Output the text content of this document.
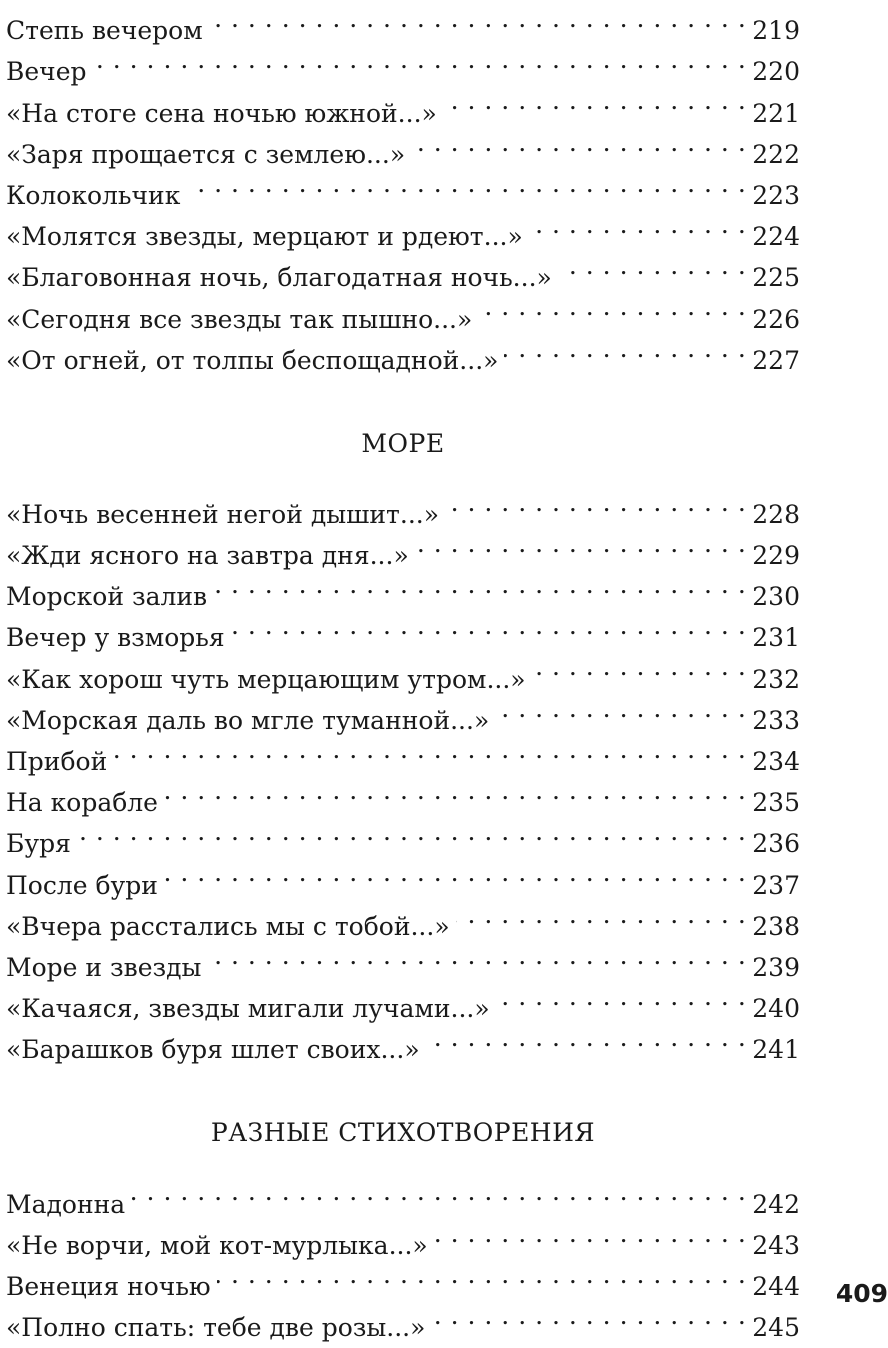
Степь вечером . . .	219
Вечер . . .	220
«На стоге сена ночью южной...» . . .	221
«Заря прощается с землею...» . . .	222
Колокольчик . . .	223
«Молятся звезды, мерцают и рдеют...» . . .	224
«Благовонная ночь, благодатная ночь...» . . .	225
«Сегодня все звезды так пышно...» . . .	226
«От огней, от толпы беспощадной...» . . .	227
МОРЕ
«Ночь весенней негой дышит...» . . .	228
«Жди ясного на завтра дня...» . . .	229
Морской залив . . .	230
Вечер у взморья . . .	231
«Как хорош чуть мерцающим утром...» . . .	232
«Морская даль во мгле туманной...» . . .	233
Прибой . . .	234
На корабле . . .	235
Буря . . .	236
После бури . . .	237
«Вчера расстались мы с тобой...» . . .	238
Море и звезды . . .	239
«Качаяся, звезды мигали лучами...» . . .	240
«Барашков буря шлет своих...» . . .	241
РАЗНЫЕ СТИХОТВОРЕНИЯ
Мадонна . . .	242
«Не ворчи, мой кот-мурлыка...» . . .	243
Венеция ночью . . .	244
«Полно спать: тебе две розы...» . . .	245
409
